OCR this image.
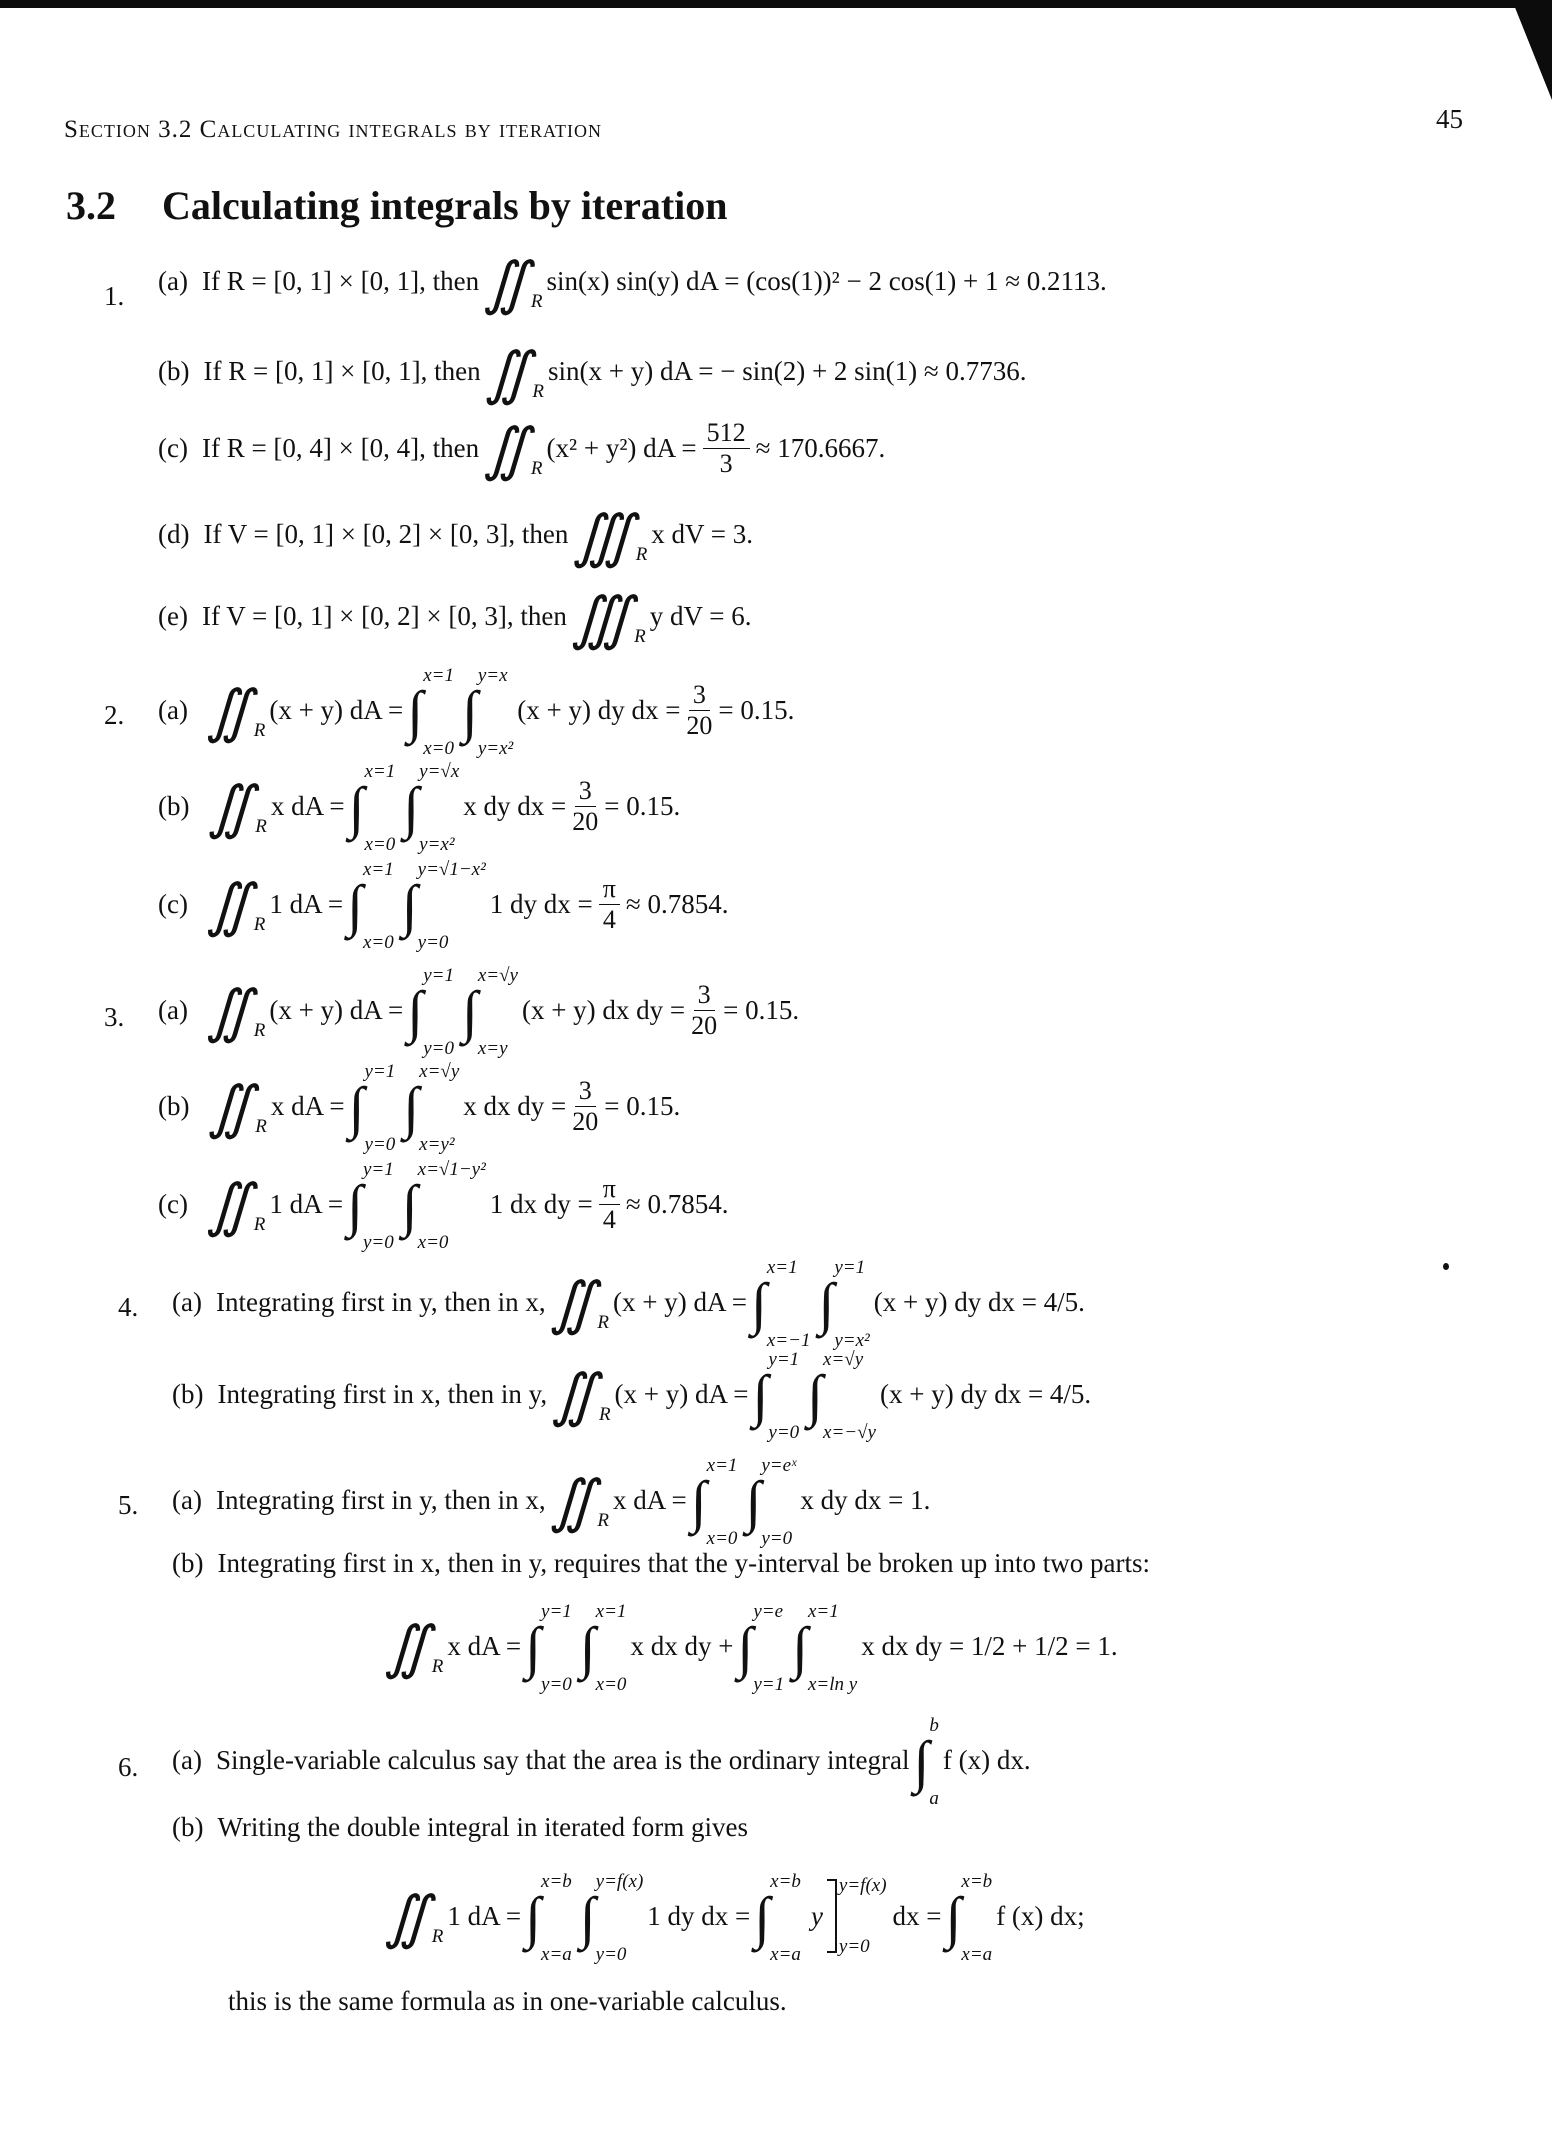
Section 3.2 Calculating integrals by iteration	45
3.2 Calculating integrals by iteration
1. (a) If R = [0, 1] × [0, 1], then ∬ R
sin(x) sin(y) dA = (cos(1))² − 2 cos(1) + 1 ≈ 0.2113.
(b) If R = [0, 1] × [0, 1], then ∬ R
sin(x + y) dA = − sin(2) + 2 sin(1) ≈ 0.7736.
(c) If R = [0, 4] × [0, 4], then ∬ R
(x² + y²) dA = $\frac{512}{3} \approx 170.6667$.
(d) If V = [0, 1] × [0, 2] × [0, 3], then ∭ R
x dV = 3.
(e) If V = [0, 1] × [0, 2] × [0, 3], then ∭ R
y dV = 6.
2. (a) ∬ R
(x + y) dA = ∫
x=1
x=0
∫
y=x
y=x²
(x + y) dy dx = $\frac{3}{20} = 0.15$.
(b) ∬ R
x dA = ∫
x=1
x=0
∫
y=√x
y=x²
x dy dx = $\frac{3}{20} = 0.15$.
(c) ∬ R
1 dA = ∫
x=1
x=0
∫
y=√1−x²
y=0
1 dy dx = $\frac{\pi}{4} \approx 0.7854$.
3. (a) ∬ R
(x + y) dA = ∫
y=1
y=0
∫
x=√y
x=y
(x + y) dx dy = $\frac{3}{20} = 0.15$.
(b) ∬ R
x dA = ∫
y=1
y=0
∫
x=√y
x=y²
x dx dy = $\frac{3}{20} = 0.15$.
(c) ∬ R
1 dA = ∫
y=1
y=0
∫
x=√1−y²
x=0
1 dx dy = $\frac{\pi}{4} \approx 0.7854$.
4. (a) Integrating first in y, then in x, ∬ R
(x + y) dA = ∫
x=1
x=−1
∫
y=1
y=x²
(x + y) dy dx = 4/5.
(b) Integrating first in x, then in y, ∬ R
(x + y) dA = ∫
y=1
y=0
∫
x=√y
x=−√y
(x + y) dy dx = 4/5.
5. (a) Integrating first in y, then in x, ∬ R
x dA = ∫
x=1
x=0
∫
y=eˣ
y=0
x dy dx = 1.
(b) Integrating first in x, then in y, requires that the y-interval be broken up into two parts:
∬ R
x dA = ∫
y=1
y=0
∫
x=1
x=0
x dx dy + ∫
y=e
y=1
∫
x=1
x=ln y
x dx dy = 1/2 + 1/2 = 1.
6. (a) Single-variable calculus say that the area is the ordinary integral ∫
b
a
f (x) dx.
(b) Writing the double integral in iterated form gives
∬ R
1 dA = ∫
x=b
x=a
∫
y=f(x)
y=0
1 dy dx = ∫
x=b
x=a
y
y=f(x)
y=0
dx = ∫
x=b
x=a
f (x) dx;
this is the same formula as in one-variable calculus.
